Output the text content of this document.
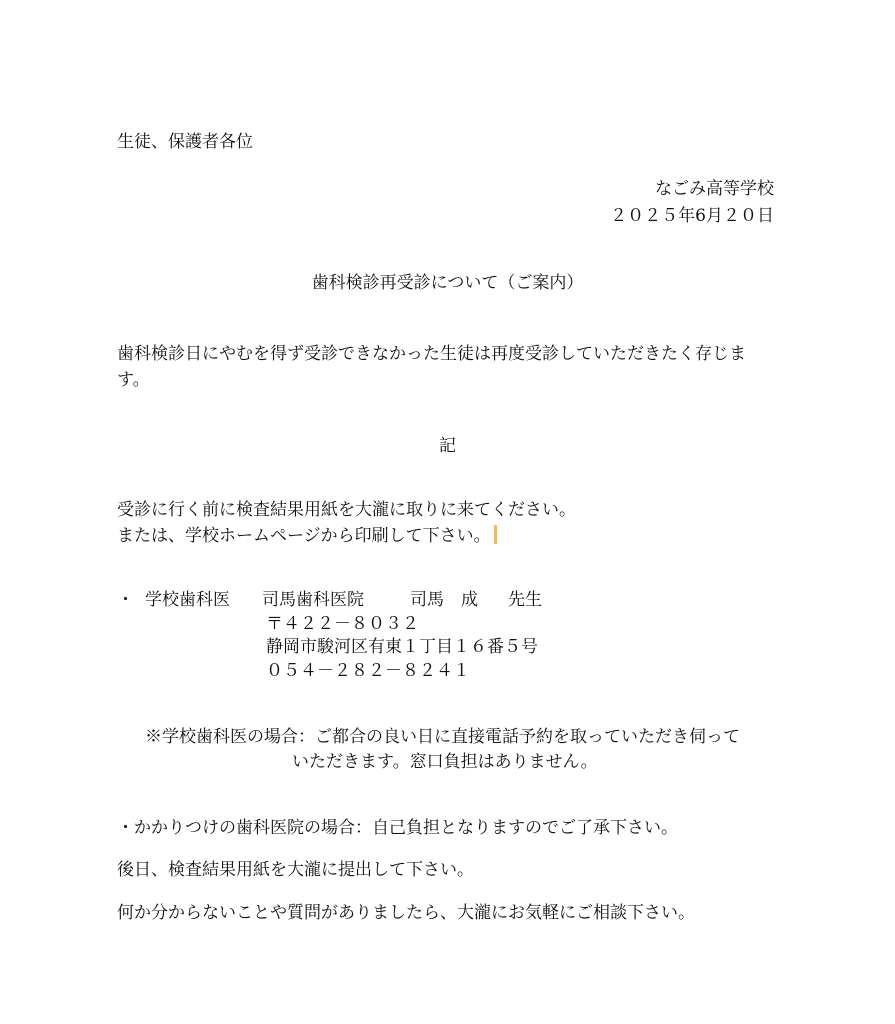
生徒、保護者各位
なごみ高等学校
２０２５年6月２０日
歯科検診再受診について（ご案内）
歯科検診日にやむを得ず受診できなかった生徒は再度受診していただきたく存じま
す。
記
受診に行く前に検査結果用紙を大瀧に取りに来てください。
または、学校ホームページから印刷して下さい。
・ 学校歯科医 司馬歯科医院	司馬　成 先生
〒４２２－８０３２
静岡市駿河区有東１丁目１６番５号
０５４－２８２－８２４１
※学校歯科医の場合：ご都合の良い日に直接電話予約を取っていただき伺って
いただきます。窓口負担はありません。
・かかりつけの歯科医院の場合：自己負担となりますのでご了承下さい。
後日、検査結果用紙を大瀧に提出して下さい。
何か分からないことや質問がありましたら、大瀧にお気軽にご相談下さい。
